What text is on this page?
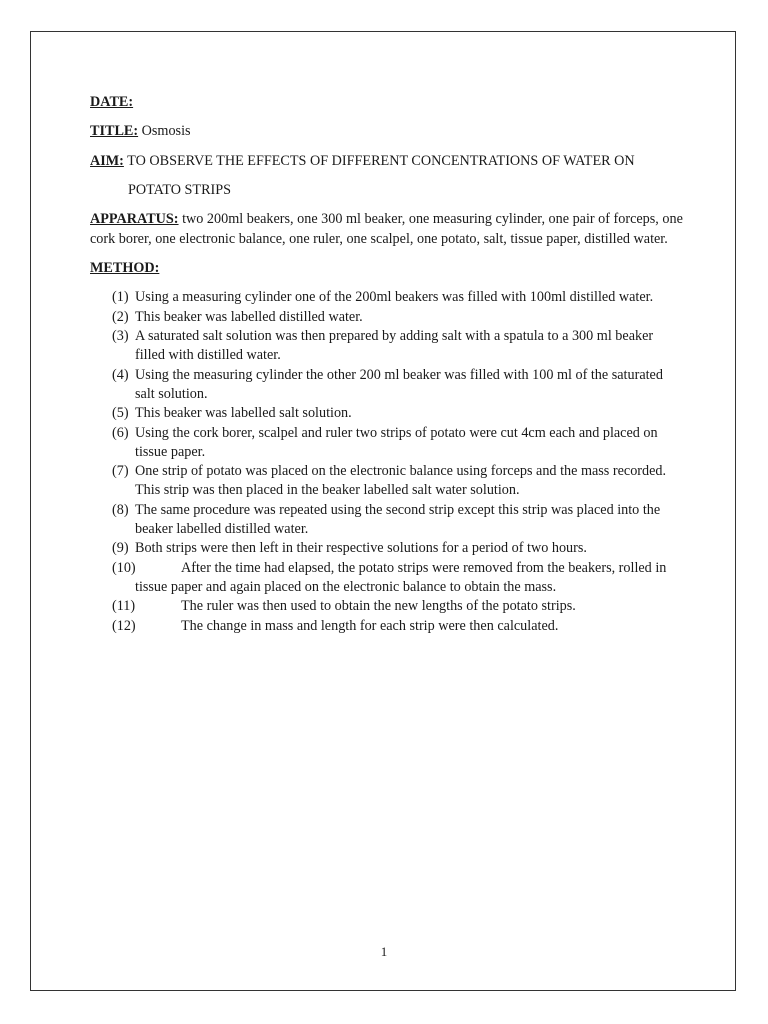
DATE:

TITLE: Osmosis

AIM: TO OBSERVE THE EFFECTS OF DIFFERENT CONCENTRATIONS OF WATER ON

POTATO STRIPS

APPARATUS: two 200ml beakers, one 300 ml beaker, one measuring cylinder, one pair of forceps, one cork borer, one electronic balance, one ruler, one scalpel, one potato, salt, tissue paper, distilled water.

METHOD:

(1) Using a measuring cylinder one of the 200ml beakers was filled with 100ml distilled water.
(2) This beaker was labelled distilled water.
(3) A saturated salt solution was then prepared by adding salt with a spatula to a 300 ml beaker filled with distilled water.
(4) Using the measuring cylinder the other 200 ml beaker was filled with 100 ml of the saturated salt solution.
(5) This beaker was labelled salt solution.
(6) Using the cork borer, scalpel and ruler two strips of potato were cut 4cm each and placed on tissue paper.
(7) One strip of potato was placed on the electronic balance using forceps and the mass recorded. This strip was then placed in the beaker labelled salt water solution.
(8) The same procedure was repeated using the second strip except this strip was placed into the beaker labelled distilled water.
(9) Both strips were then left in their respective solutions for a period of two hours.
(10)	After the time had elapsed, the potato strips were removed from the beakers, rolled in tissue paper and again placed on the electronic balance to obtain the mass.
(11)	The ruler was then used to obtain the new lengths of the potato strips.
(12)	The change in mass and length for each strip were then calculated.
1
